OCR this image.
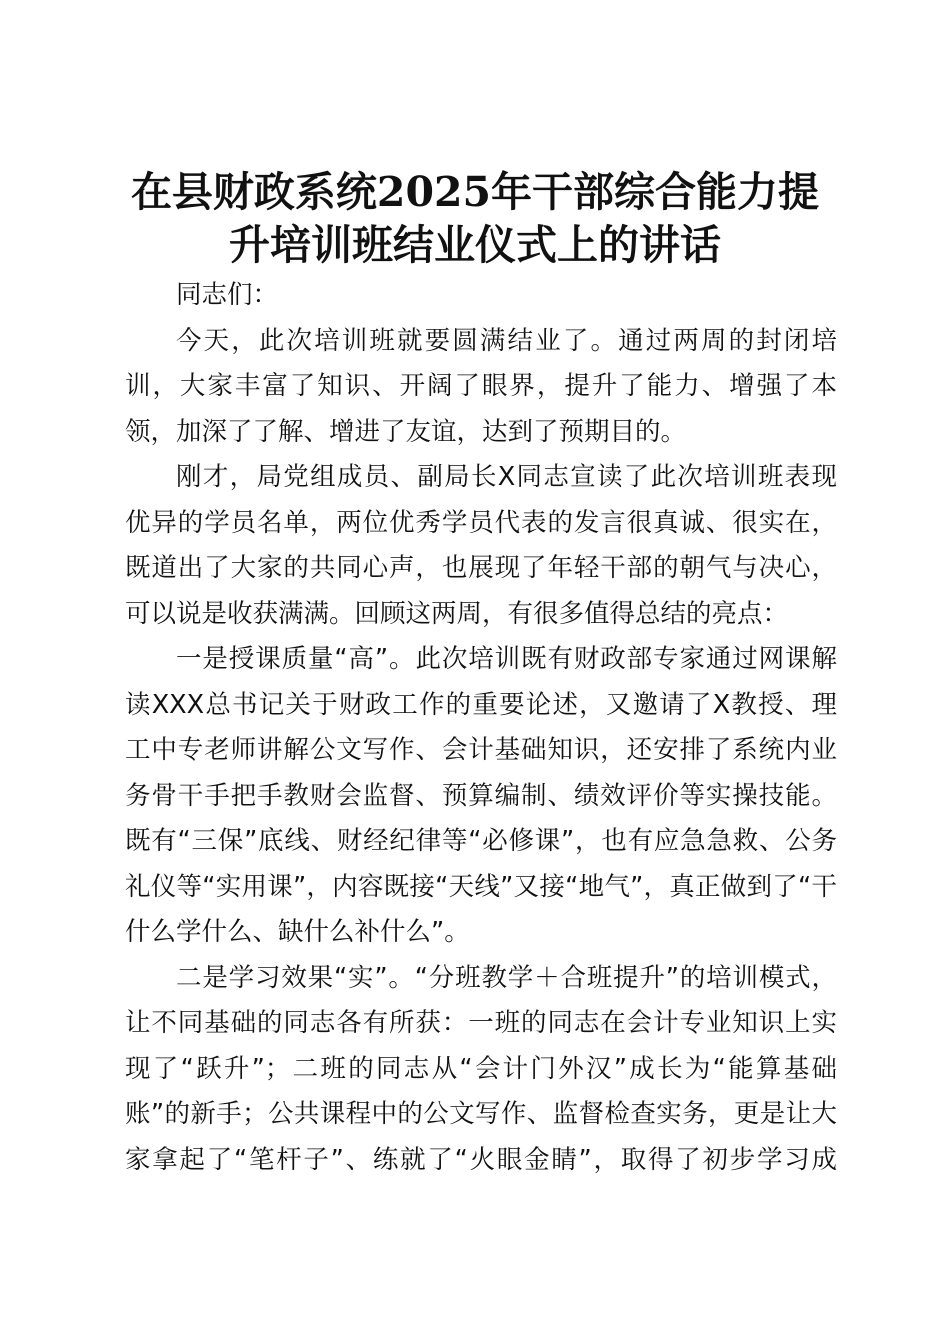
在县财政系统2025年干部综合能力提
升培训班结业仪式上的讲话
同志们：
今天，此次培训班就要圆满结业了。通过两周的封闭培
训，大家丰富了知识、开阔了眼界，提升了能力、增强了本
领，加深了了解、增进了友谊，达到了预期目的。
刚才，局党组成员、副局长X同志宣读了此次培训班表现
优异的学员名单，两位优秀学员代表的发言很真诚、很实在，
既道出了大家的共同心声，也展现了年轻干部的朝气与决心，
可以说是收获满满。回顾这两周，有很多值得总结的亮点：
一是授课质量“高”。此次培训既有财政部专家通过网课解
读XXX总书记关于财政工作的重要论述，又邀请了X教授、理
工中专老师讲解公文写作、会计基础知识，还安排了系统内业
务骨干手把手教财会监督、预算编制、绩效评价等实操技能。
既有“三保”底线、财经纪律等“必修课”，也有应急急救、公务
礼仪等“实用课”，内容既接“天线”又接“地气”，真正做到了“干
什么学什么、缺什么补什么”。
二是学习效果“实”。“分班教学＋合班提升”的培训模式，
让不同基础的同志各有所获：一班的同志在会计专业知识上实
现了“跃升”；二班的同志从“会计门外汉”成长为“能算基础
账”的新手；公共课程中的公文写作、监督检查实务，更是让大
家拿起了“笔杆子”、练就了“火眼金睛”，取得了初步学习成
